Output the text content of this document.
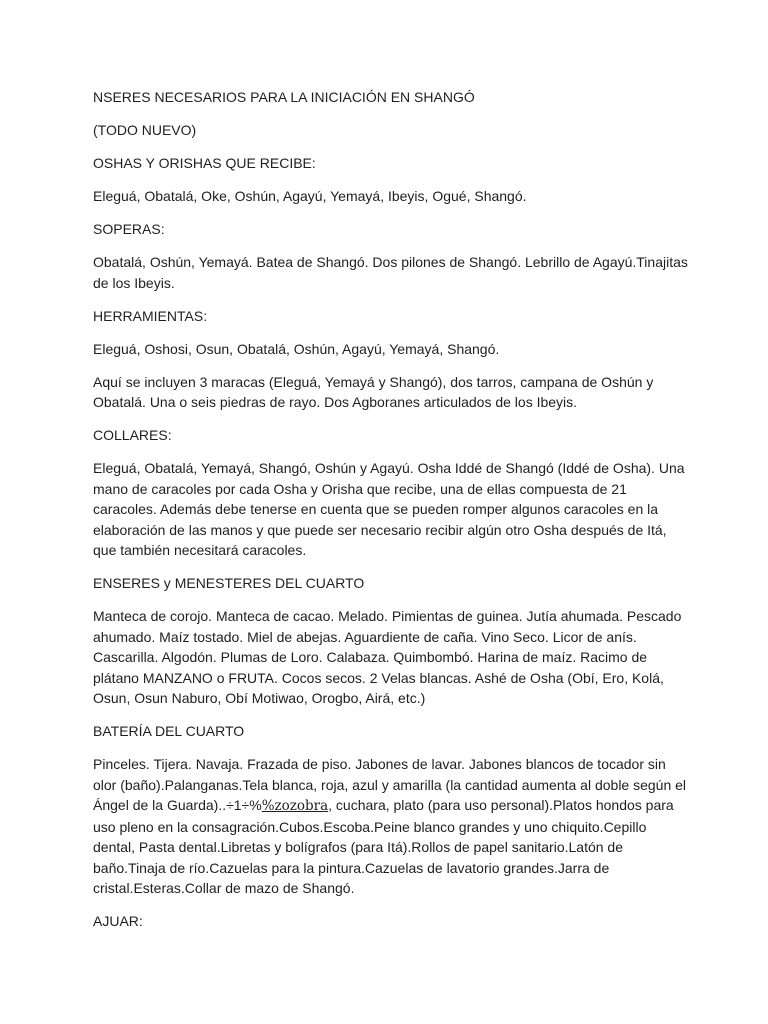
NSERES NECESARIOS PARA LA INICIACIÓN EN SHANGÓ

(TODO NUEVO)

OSHAS Y ORISHAS QUE RECIBE:

Eleguá, Obatalá, Oke, Oshún, Agayú, Yemayá, Ibeyis, Ogué, Shangó.

SOPERAS:

Obatalá, Oshún, Yemayá. Batea de Shangó. Dos pilones de Shangó. Lebrillo de Agayú.Tinajitas de los Ibeyis.

HERRAMIENTAS:

Eleguá, Oshosi, Osun, Obatalá, Oshún, Agayú, Yemayá, Shangó.

Aquí se incluyen 3 maracas (Eleguá, Yemayá y Shangó), dos tarros, campana de Oshún y Obatalá. Una o seis piedras de rayo. Dos Agboranes articulados de los Ibeyis.

COLLARES:

Eleguá, Obatalá, Yemayá, Shangó, Oshún y Agayú. Osha Iddé de Shangó (Iddé de Osha). Una mano de caracoles por cada Osha y Orisha que recibe, una de ellas compuesta de 21 caracoles. Además debe tenerse en cuenta que se pueden romper algunos caracoles en la elaboración de las manos y que puede ser necesario recibir algún otro Osha después de Itá, que también necesitará caracoles.

ENSERES y MENESTERES DEL CUARTO

Manteca de corojo. Manteca de cacao. Melado. Pimientas de guinea. Jutía ahumada. Pescado ahumado. Maíz tostado. Miel de abejas. Aguardiente de caña. Vino Seco. Licor de anís. Cascarilla. Algodón. Plumas de Loro. Calabaza. Quimbombó. Harina de maíz. Racimo de plátano MANZANO o FRUTA. Cocos secos. 2 Velas blancas. Ashé de Osha (Obí, Ero, Kolá, Osun, Osun Naburo, Obí Motiwao, Orogbo, Airá, etc.)

BATERÍA DEL CUARTO

Pinceles. Tijera. Navaja. Frazada de piso. Jabones de lavar. Jabones blancos de tocador sin olor (baño).Palanganas.Tela blanca, roja, azul y amarilla (la cantidad aumenta al doble según el Ángel de la Guarda)..÷1÷%%zozobra, cuchara, plato (para uso personal).Platos hondos para uso pleno en la consagración.Cubos.Escoba.Peine blanco grandes y uno chiquito.Cepillo dental, Pasta dental.Libretas y bolígrafos (para Itá).Rollos de papel sanitario.Latón de baño.Tinaja de río.Cazuelas para la pintura.Cazuelas de lavatorio grandes.Jarra de cristal.Esteras.Collar de mazo de Shangó.

AJUAR:
